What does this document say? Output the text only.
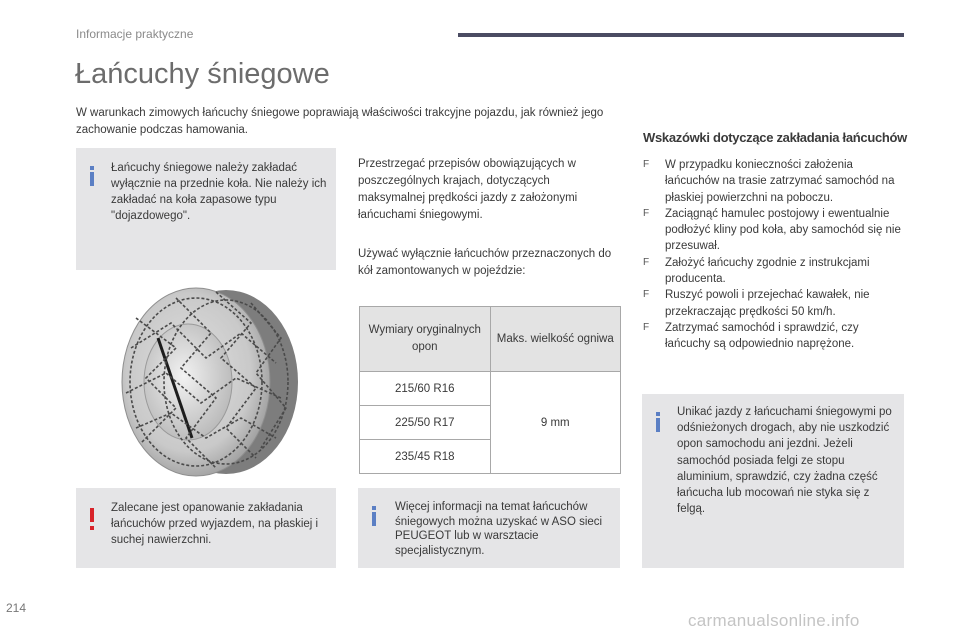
Informacje praktyczne
Łańcuchy śniegowe
W warunkach zimowych łańcuchy śniegowe poprawiają właściwości trakcyjne pojazdu, jak również jego zachowanie podczas hamowania.
Łańcuchy śniegowe należy zakładać wyłącznie na przednie koła. Nie należy ich zakładać na koła zapasowe typu "dojazdowego".
Przestrzegać przepisów obowiązujących w poszczególnych krajach, dotyczących maksymalnej prędkości jazdy z założonymi łańcuchami śniegowymi.
Używać wyłącznie łańcuchów przeznaczonych do kół zamontowanych w pojeździe:
Wymiary oryginalnych opon	Maks. wielkość ogniwa
215/60 R16	9 mm
225/50 R17	
235/45 R18	
Zalecane jest opanowanie zakładania łańcuchów przed wyjazdem, na płaskiej i suchej nawierzchni.
Więcej informacji na temat łańcuchów śniegowych można uzyskać w ASO sieci PEUGEOT lub w warsztacie specjalistycznym.
Wskazówki dotyczące zakładania łańcuchów
F W przypadku konieczności założenia łańcuchów na trasie zatrzymać samochód na płaskiej powierzchni na poboczu.
F Zaciągnąć hamulec postojowy i ewentualnie podłożyć kliny pod koła, aby samochód się nie przesuwał.
F Założyć łańcuchy zgodnie z instrukcjami producenta.
F Ruszyć powoli i przejechać kawałek, nie przekraczając prędkości 50 km/h.
F Zatrzymać samochód i sprawdzić, czy łańcuchy są odpowiednio naprężone.
Unikać jazdy z łańcuchami śniegowymi po odśnieżonych drogach, aby nie uszkodzić opon samochodu ani jezdni. Jeżeli samochód posiada felgi ze stopu aluminium, sprawdzić, czy żadna część łańcucha lub mocowań nie styka się z felgą.
214
carmanualsonline.info
